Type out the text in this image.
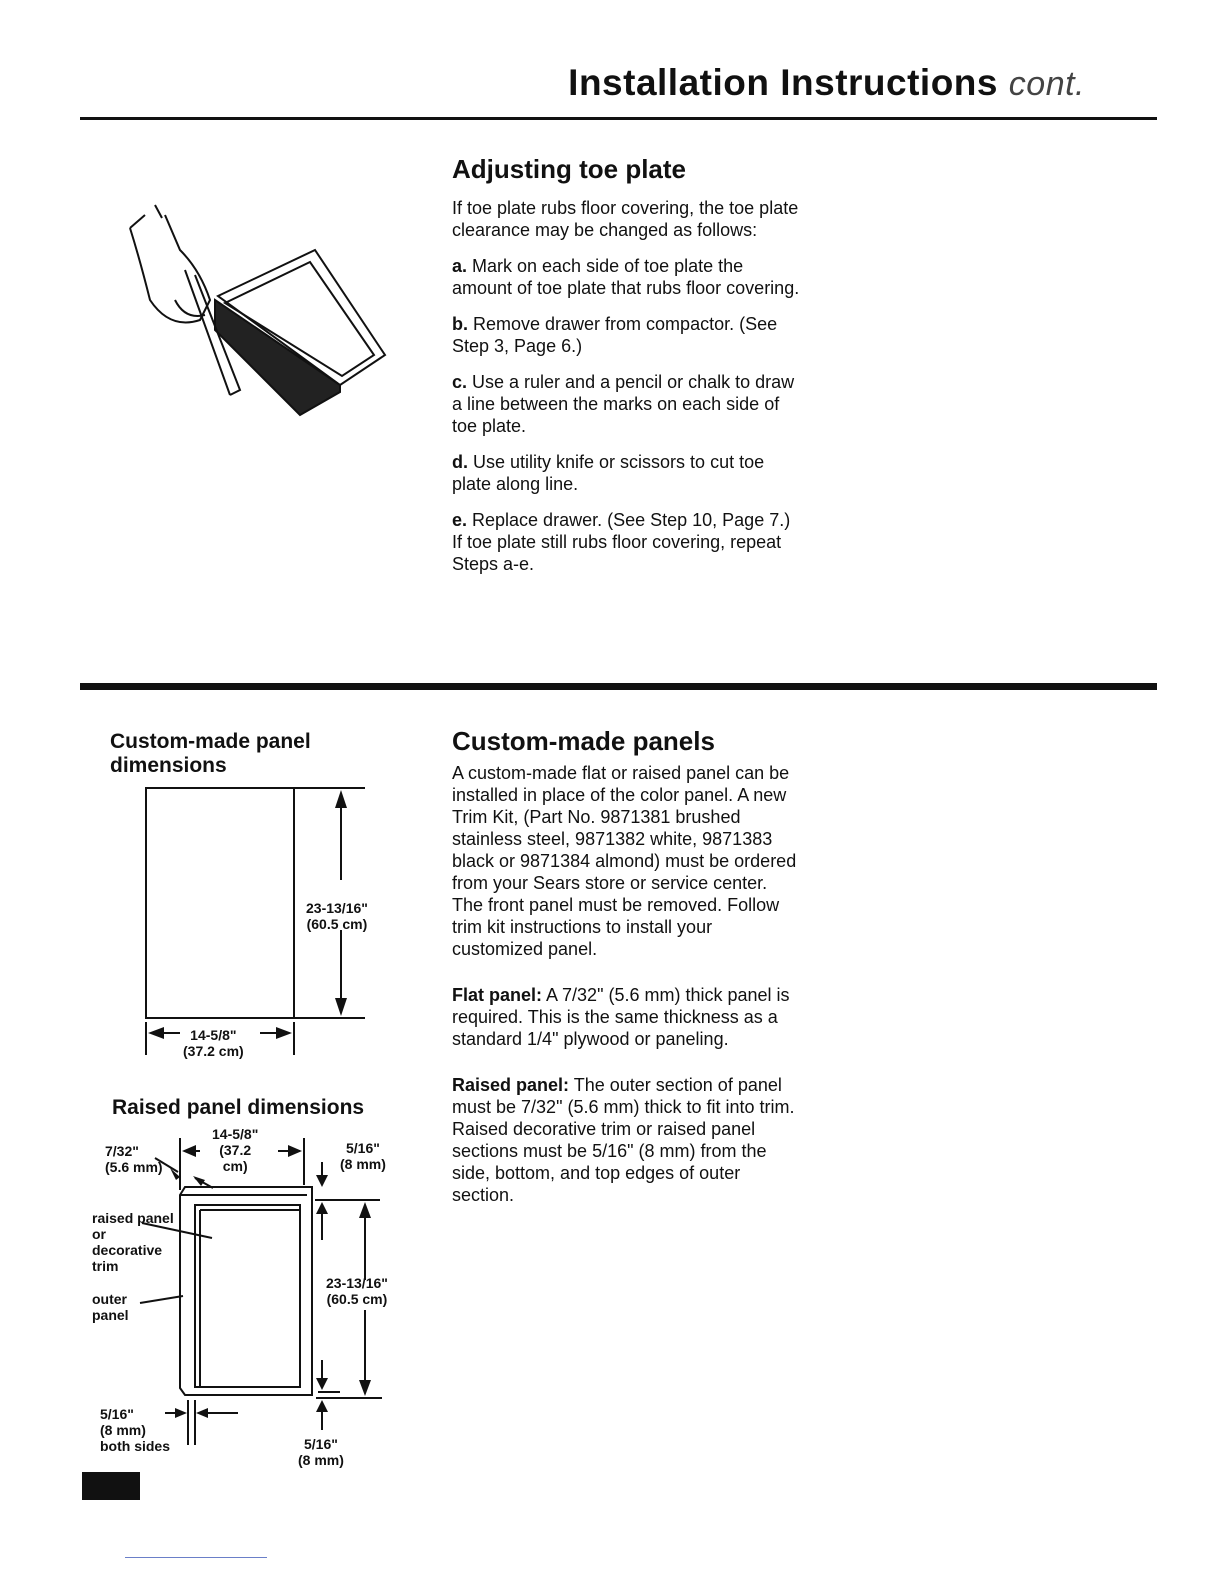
Installation Instructions cont.
Adjusting toe plate

If toe plate rubs floor covering, the toe plate clearance may be changed as follows:

a. Mark on each side of toe plate the amount of toe plate that rubs floor covering.

b. Remove drawer from compactor. (See Step 3, Page 6.)

c. Use a ruler and a pencil or chalk to draw a line between the marks on each side of toe plate.

d. Use utility knife or scissors to cut toe plate along line.

e. Replace drawer. (See Step 10, Page 7.) If toe plate still rubs floor covering, repeat Steps a-e.

Custom-made panels

A custom-made flat or raised panel can be installed in place of the color panel. A new Trim Kit, (Part No. 9871381 brushed stainless steel, 9871382 white, 9871383 black or 9871384 almond) must be ordered from your Sears store or service center. The front panel must be removed. Follow trim kit instructions to install your customized panel.

Flat panel: A 7/32" (5.6 mm) thick panel is required. This is the same thickness as a standard 1/4" plywood or paneling.

Raised panel: The outer section of panel must be 7/32" (5.6 mm) thick to fit into trim. Raised decorative trim or raised panel sections must be 5/16" (8 mm) from the side, bottom, and top edges of outer section.

Custom-made panel dimensions
23-13/16"
(60.5 cm)
14-5/8"
(37.2 cm)
Raised panel dimensions
14-5/8"
(37.2
cm)
7/32"
(5.6 mm)
5/16"
(8 mm)
raised panel or decorative trim
outer panel
23-13/16"
(60.5 cm)
5/16"
(8 mm)
both sides	5/16"
(8 mm)
